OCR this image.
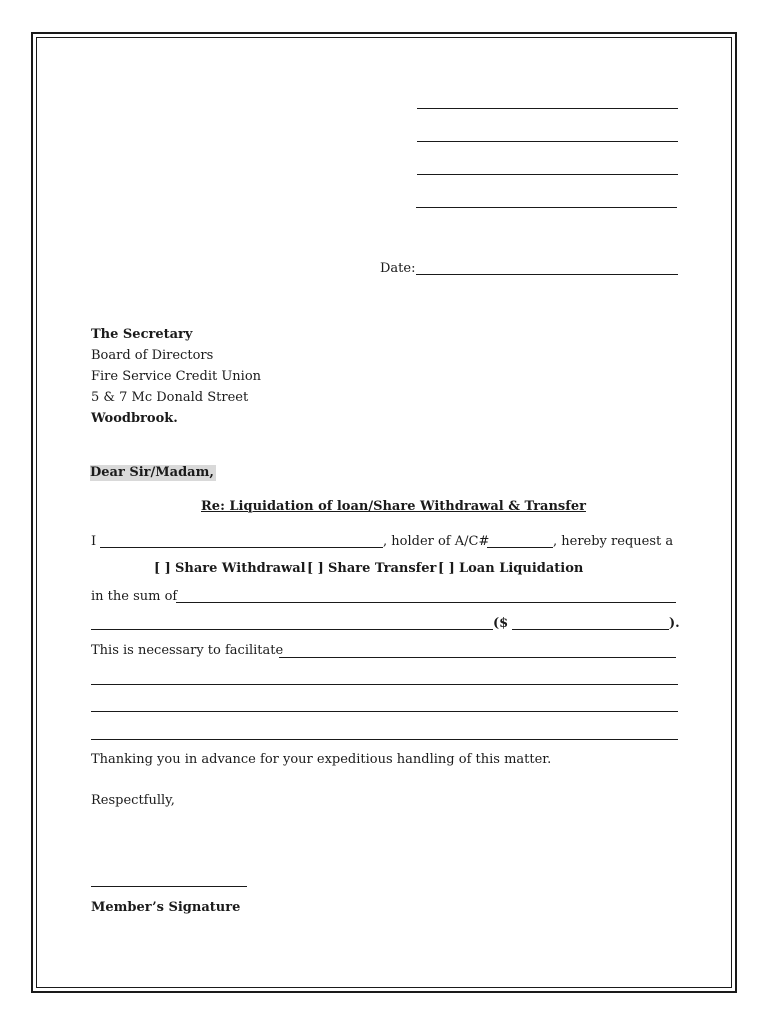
Date:
The Secretary
Board of Directors
Fire Service Credit Union
5 & 7 Mc Donald Street
Woodbrook.
Dear Sir/Madam,
Re: Liquidation of loan/Share Withdrawal & Transfer
I	, holder of A/C#	, hereby request a
[ ] Share Withdrawal [ ] Share Transfer [ ] Loan Liquidation
in the sum of
($	).
This is necessary to facilitate
Thanking you in advance for your expeditious handling of this matter.
Respectfully,
Member’s Signature
